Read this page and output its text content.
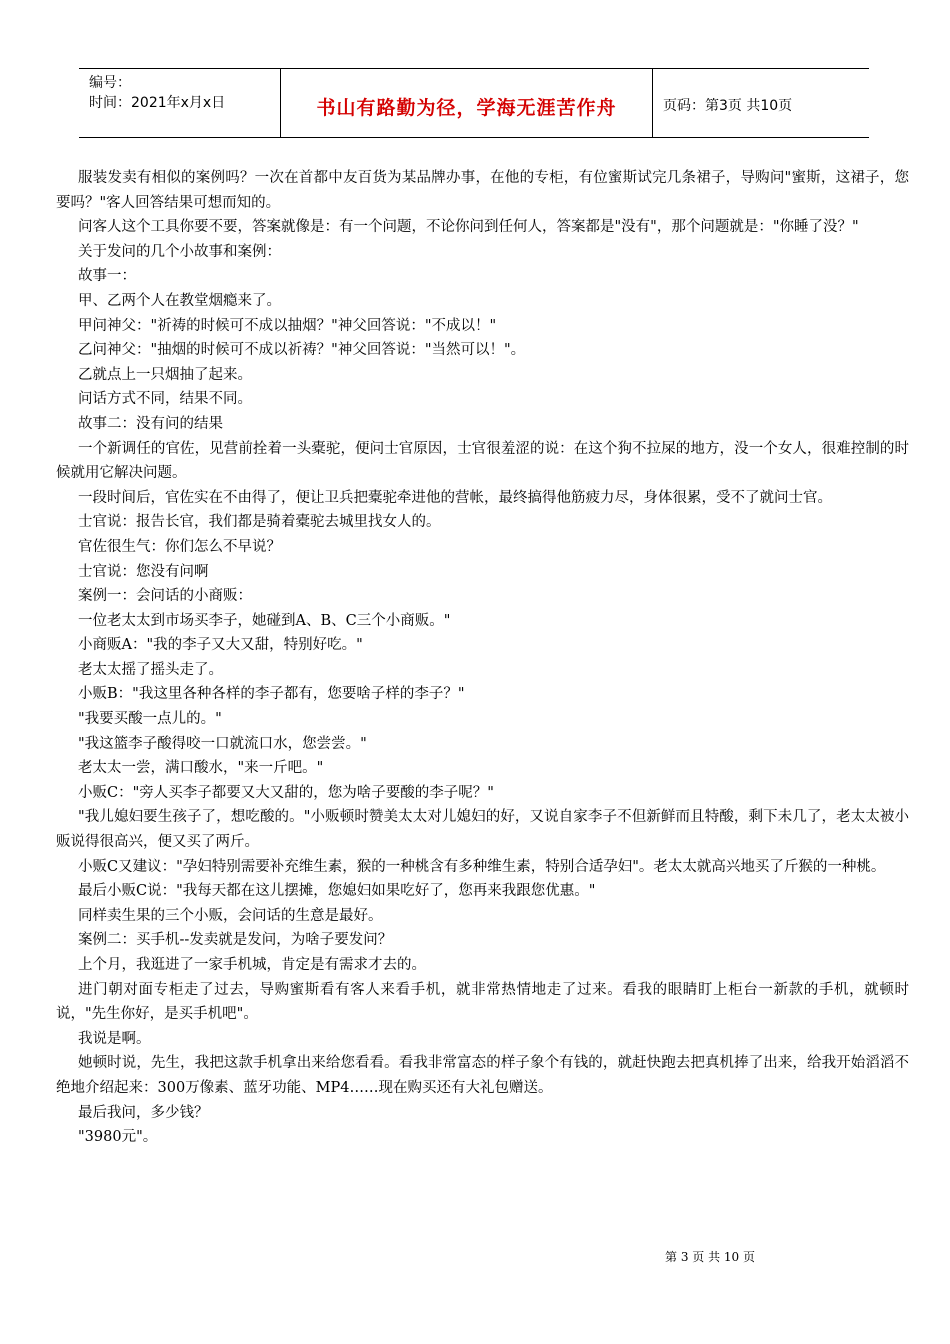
编号：
时间：2021年x月x日	书山有路勤为径，学海无涯苦作舟	页码：第3页 共10页

服装发卖有相似的案例吗？一次在首都中友百货为某品牌办事，在他的专柜，有位蜜斯试完几条裙子，导购问"蜜斯，这裙子，您要吗？"客人回答结果可想而知的。

问客人这个工具你要不要，答案就像是：有一个问题，不论你问到任何人，答案都是"没有"，那个问题就是："你睡了没？"

关于发问的几个小故事和案例：

故事一：

甲、乙两个人在教堂烟瘾来了。

甲问神父："祈祷的时候可不成以抽烟？"神父回答说："不成以！"

乙问神父："抽烟的时候可不成以祈祷？"神父回答说："当然可以！"。

乙就点上一只烟抽了起来。

问话方式不同，结果不同。

故事二：没有问的结果

一个新调任的官佐，见营前拴着一头橐驼，便问士官原因，士官很羞涩的说：在这个狗不拉屎的地方，没一个女人，很难控制的时候就用它解决问题。

一段时间后，官佐实在不由得了，便让卫兵把橐驼牵进他的营帐，最终搞得他筋疲力尽，身体很累，受不了就问士官。

士官说：报告长官，我们都是骑着橐驼去城里找女人的。

官佐很生气：你们怎么不早说？

士官说：您没有问啊

案例一：会问话的小商贩：

一位老太太到市场买李子，她碰到A、B、C三个小商贩。"

小商贩A："我的李子又大又甜，特别好吃。"

老太太摇了摇头走了。

小贩B："我这里各种各样的李子都有，您要啥子样的李子？"

"我要买酸一点儿的。"

"我这篮李子酸得咬一口就流口水，您尝尝。"

老太太一尝，满口酸水，"来一斤吧。"

小贩C："旁人买李子都要又大又甜的，您为啥子要酸的李子呢？"

"我儿媳妇要生孩子了，想吃酸的。"小贩顿时赞美太太对儿媳妇的好，又说自家李子不但新鲜而且特酸，剩下未几了，老太太被小贩说得很高兴，便又买了两斤。

小贩C又建议："孕妇特别需要补充维生素，猴的一种桃含有多种维生素，特别合适孕妇"。老太太就高兴地买了斤猴的一种桃。

最后小贩C说："我每天都在这儿摆摊，您媳妇如果吃好了，您再来我跟您优惠。"

同样卖生果的三个小贩，会问话的生意是最好。

案例二：买手机--发卖就是发问，为啥子要发问？

上个月，我逛进了一家手机城，肯定是有需求才去的。

进门朝对面专柜走了过去，导购蜜斯看有客人来看手机，就非常热情地走了过来。看我的眼睛盯上柜台一新款的手机，就顿时说，"先生你好，是买手机吧"。

我说是啊。

她顿时说，先生，我把这款手机拿出来给您看看。看我非常富态的样子象个有钱的，就赶快跑去把真机捧了出来，给我开始滔滔不绝地介绍起来：300万像素、蓝牙功能、MP4……现在购买还有大礼包赠送。

最后我问，多少钱？

"3980元"。

第 3 页 共 10 页
